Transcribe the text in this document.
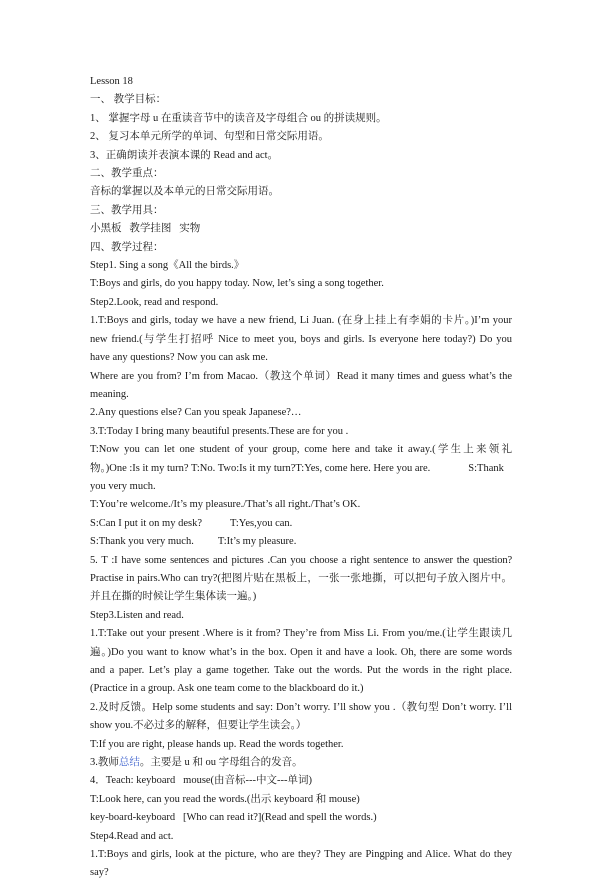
Lesson 18
一、 教学目标：
1、 掌握字母 u 在重读音节中的读音及字母组合 ou 的拼读规则。
2、 复习本单元所学的单词、句型和日常交际用语。
3、正确朗读并表演本课的 Read and act。
二、教学重点：
音标的掌握以及本单元的日常交际用语。
三、教学用具：
小黑板   教学挂图   实物
四、教学过程：
Step1. Sing a song《All the birds.》
T:Boys and girls, do you happy today. Now, let’s sing a song together.
Step2.Look, read and respond.
1.T:Boys and girls, today we have a new friend, Li Juan. (在身上挂上有李娟的卡片。)I’m your
new friend.(与学生打招呼 Nice to meet you, boys and girls. Is everyone here today?) Do you
have any questions? Now you can ask me.
Where are you from? I’m from Macao.（教这个单词）Read it many times and guess what’s the
meaning.
2.Any questions else? Can you speak Japanese?…
3.T:Today I bring many beautiful presents.These are for you .
T:Now you can let one student of your group, come here and take it away.(学生上来领礼
物。)One :Is it my turn? T:No. Two:Is it my turn?T:Yes, come here. Here you are.	S:Thank
you very much.
T:You’re welcome./It’s my pleasure./That’s all right./That’s OK.
S:Can I put it on my desk?	T:Yes,you can.
S:Thank you very much. T:It’s my pleasure.
5. T :I have some sentences and pictures .Can you choose a right sentence to answer the question?
Practise in pairs.Who can try?(把图片贴在黑板上，一张一张地撕，可以把句子放入图片中。
并且在撕的时候让学生集体读一遍。)
Step3.Listen and read.
1.T:Take out your present .Where is it from? They’re from Miss Li. From you/me.(让学生跟读几
遍。)Do you want to know what’s in the box. Open it and have a look. Oh, there are some words
and a paper. Let’s play a game together. Take out the words. Put the words in the right place.
(Practice in a group. Ask one team come to the blackboard do it.)
2.及时反馈。Help some students and say: Don’t worry. I’ll show you .（教句型 Don’t worry. I’ll
show you.不必过多的解释，但要让学生读会。）
T:If you are right, please hands up. Read the words together.
3.教师总结。主要是 u 和 ou 字母组合的发音。
4．Teach: keyboard   mouse(由音标---中文---单词)
T:Look here, can you read the words.(出示 keyboard 和 mouse)
key-board-keyboard   [Who can read it?](Read and spell the words.)
Step4.Read and act.
1.T:Boys and girls, look at the picture, who are they? They are Pingping and Alice. What do they
say?
